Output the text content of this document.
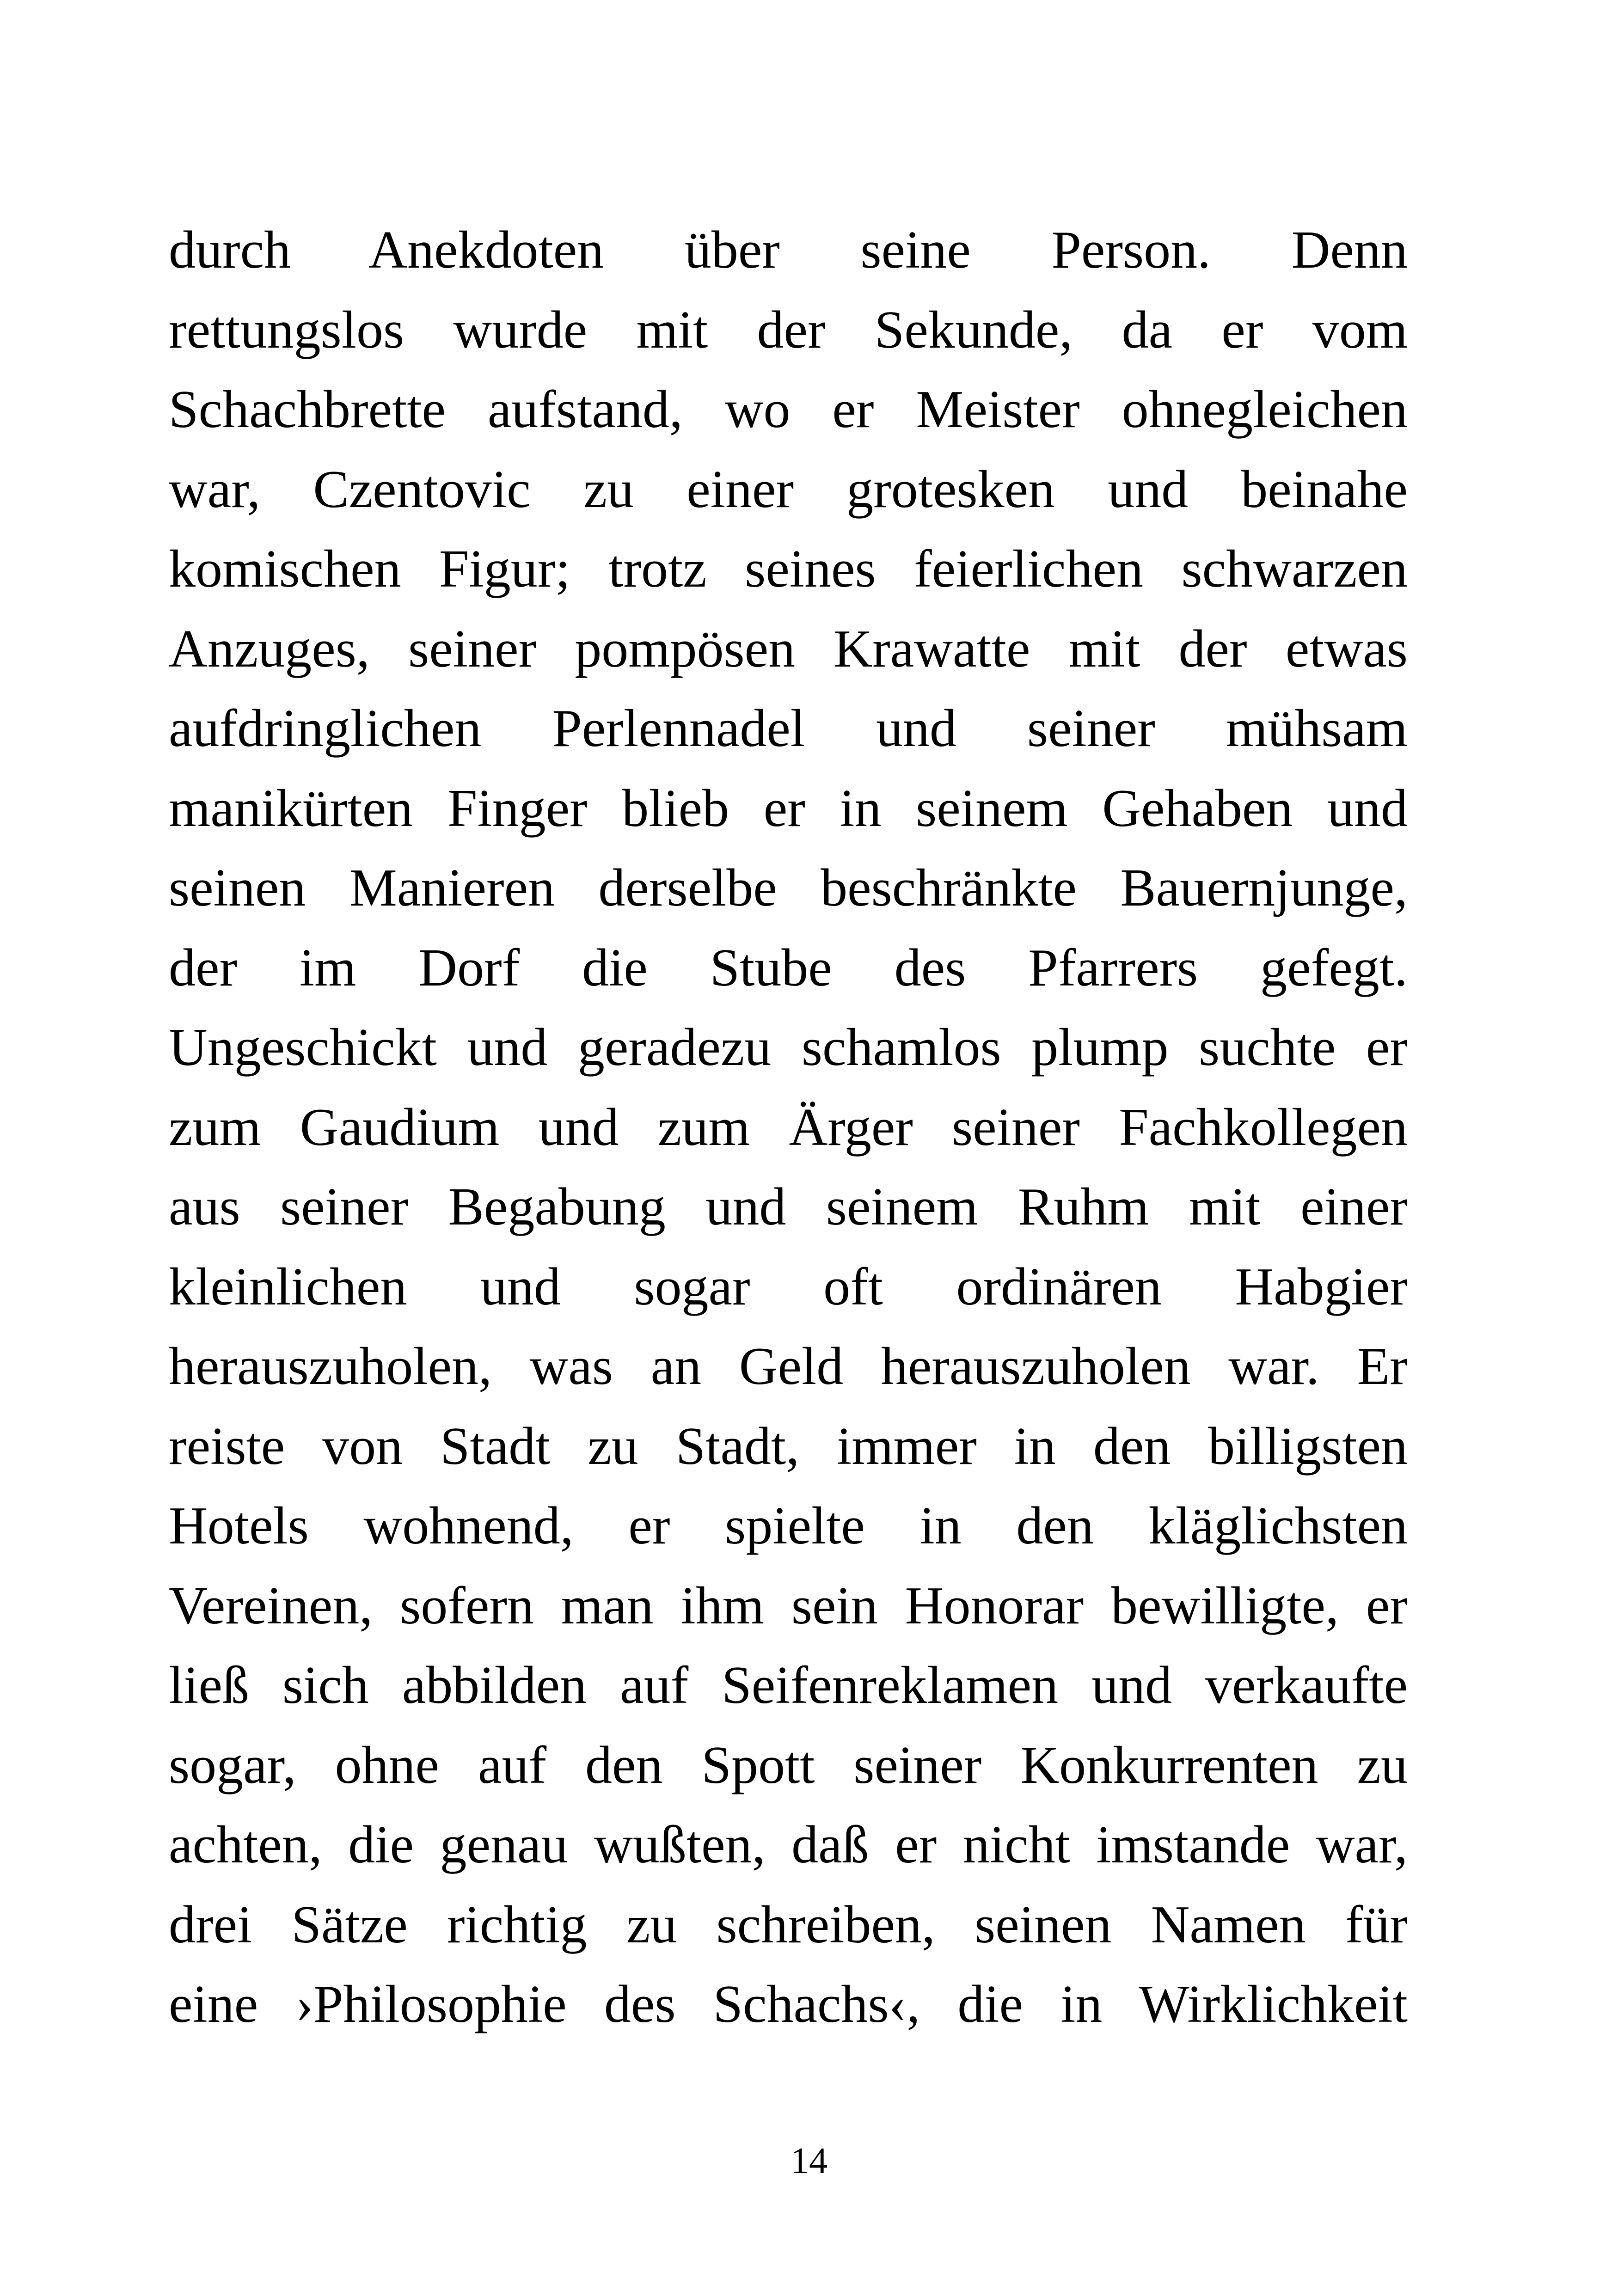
durch Anekdoten über seine Person. Denn
rettungslos wurde mit der Sekunde, da er vom
Schachbrette aufstand, wo er Meister ohnegleichen
war, Czentovic zu einer grotesken und beinahe
komischen Figur; trotz seines feierlichen schwarzen
Anzuges, seiner pompösen Krawatte mit der etwas
aufdringlichen Perlennadel und seiner mühsam
manikürten Finger blieb er in seinem Gehaben und
seinen Manieren derselbe beschränkte Bauernjunge,
der im Dorf die Stube des Pfarrers gefegt.
Ungeschickt und geradezu schamlos plump suchte er
zum Gaudium und zum Ärger seiner Fachkollegen
aus seiner Begabung und seinem Ruhm mit einer
kleinlichen und sogar oft ordinären Habgier
herauszuholen, was an Geld herauszuholen war. Er
reiste von Stadt zu Stadt, immer in den billigsten
Hotels wohnend, er spielte in den kläglichsten
Vereinen, sofern man ihm sein Honorar bewilligte, er
ließ sich abbilden auf Seifenreklamen und verkaufte
sogar, ohne auf den Spott seiner Konkurrenten zu
achten, die genau wußten, daß er nicht imstande war,
drei Sätze richtig zu schreiben, seinen Namen für
eine ›Philosophie des Schachs‹, die in Wirklichkeit
14
